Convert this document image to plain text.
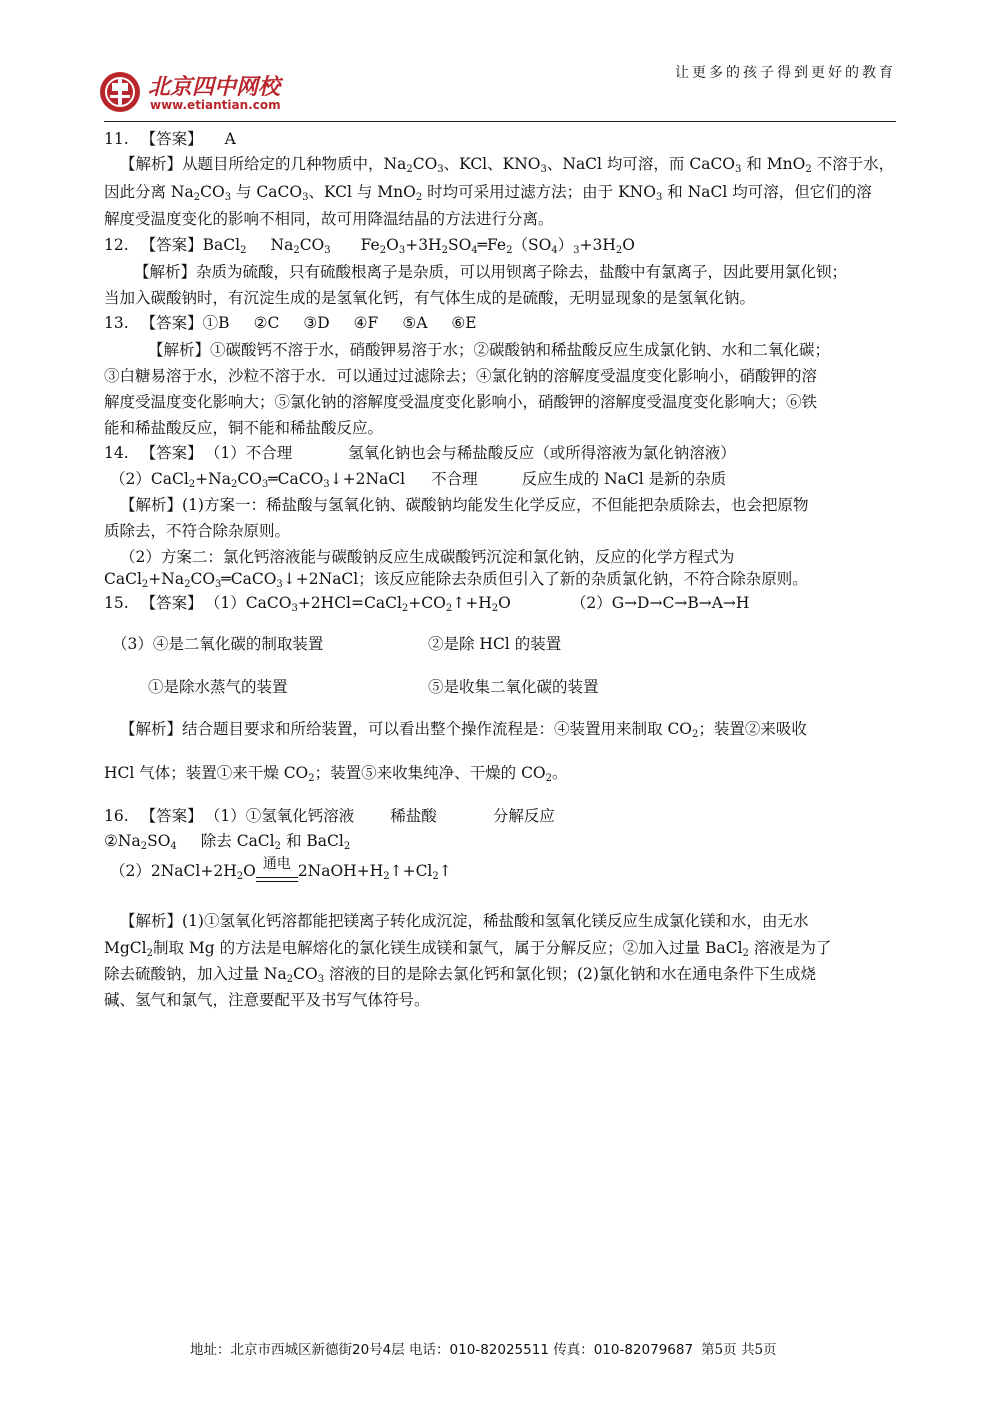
北京四中网校
www.etiantian.com
让更多的孩子得到更好的教育
11. 【答案】 A
【解析】从题目所给定的几种物质中，$Na_2CO_3$、KCl、$KNO_3$、NaCl 均可溶，而 CaCO$_3$ 和 MnO$_2$ 不溶于水，
因此分离 $Na_2CO_3$ 与 CaCO$_3$、KCl 与 MnO$_2$ 时均可采用过滤方法；由于 $KNO_3$ 和 NaCl 均可溶，但它们的溶
解度受温度变化的影响不相同，故可用降温结晶的方法进行分离。
12. 【答案】BaCl$_2$ $Na_2CO_3$ $Fe_2O_3+3H_2SO_4═Fe_2(SO_4)_3+3H_2O$
【解析】杂质为硫酸，只有硫酸根离子是杂质，可以用钡离子除去，盐酸中有氯离子，因此要用氯化钡；
当加入碳酸钠时，有沉淀生成的是氢氧化钙，有气体生成的是硫酸，无明显现象的是氢氧化钠。
13. 【答案】①B ②C ③D ④F ⑤A ⑥E
【解析】①碳酸钙不溶于水，硝酸钾易溶于水；②碳酸钠和稀盐酸反应生成氯化钠、水和二氧化碳；
③白糖易溶于水，沙粒不溶于水．可以通过过滤除去；④氯化钠的溶解度受温度变化影响小，硝酸钾的溶
解度受温度变化影响大；⑤氯化钠的溶解度受温度变化影响小，硝酸钾的溶解度受温度变化影响大；⑥铁
能和稀盐酸反应，铜不能和稀盐酸反应。
14. 【答案】 （1）不合理	氢氧化钠也会与稀盐酸反应（或所得溶液为氯化钠溶液）
$(2)CaCl_2+Na_2CO_3═CaCO_3↓+2NaCl$ 不合理	反应生成的 NaCl 是新的杂质
【解析】(1)方案一：稀盐酸与氢氧化钠、碳酸钠均能发生化学反应，不但能把杂质除去，也会把原物
质除去，不符合除杂原则。
（2）方案二：氯化钙溶液能与碳酸钠反应生成碳酸钙沉淀和氯化钠，反应的化学方程式为
$CaCl_2+Na_2CO_3═CaCO_3↓+2NaCl$；该反应能除去杂质但引入了新的杂质氯化钠，不符合除杂原则。
15. 【答案】 $(1)CaCO_3+2HCl=CaCl_2+CO_2↑+H_2O$	（2）G→D→C→B→A→H
（3）④是二氧化碳的制取装置	②是除 HCl 的装置
①是除水蒸气的装置	⑤是收集二氧化碳的装置
【解析】结合题目要求和所给装置，可以看出整个操作流程是：④装置用来制取 $CO_2$；装置②来吸收
HCl 气体；装置①来干燥 $CO_2$；装置⑤来收集纯净、干燥的 $CO_2$。
16. 【答案】 （1）①氢氧化钙溶液 稀盐酸	分解反应
$②Na_2SO_4$ 除去 CaCl$_2$ 和 BaCl$_2$
$(2)2NaCl+2H_2O$ 通电 $2NaOH+H_2↑+Cl_2↑$
【解析】(1)①氢氧化钙溶都能把镁离子转化成沉淀，稀盐酸和氢氧化镁反应生成氯化镁和水，由无水
MgCl$_2$制取 Mg 的方法是电解熔化的氯化镁生成镁和氯气，属于分解反应；②加入过量 BaCl$_2$ 溶液是为了
除去硫酸钠，加入过量 $Na_2CO_3$ 溶液的目的是除去氯化钙和氯化钡；(2)氯化钠和水在通电条件下生成烧
碱、氢气和氯气，注意要配平及书写气体符号。
地址：北京市西城区新德街20号4层 电话：010-82025511 传真：010-82079687 第5页 共5页
